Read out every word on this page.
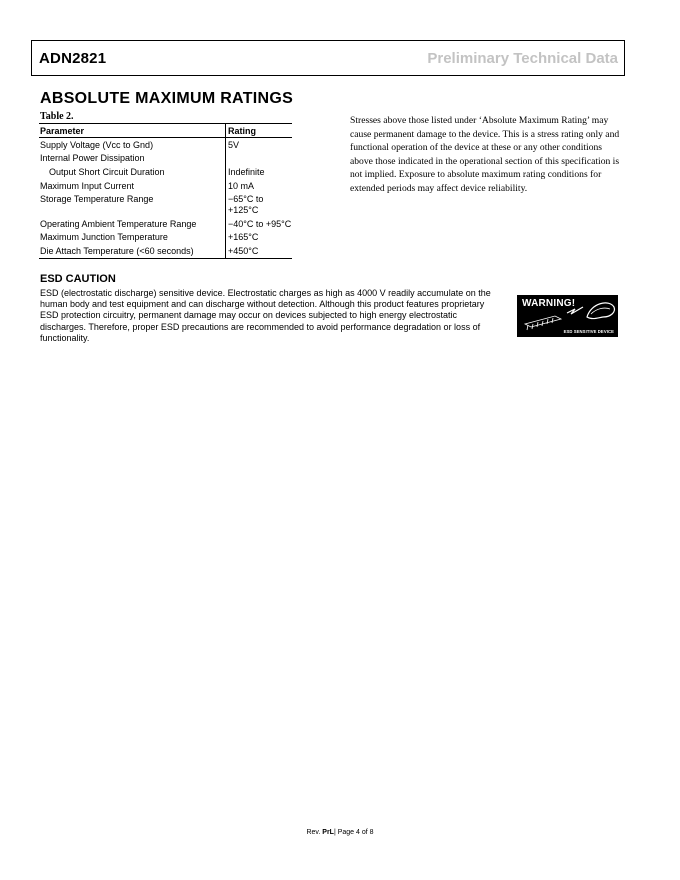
ADN2821	Preliminary Technical Data
ABSOLUTE MAXIMUM RATINGS
Table 2.
Parameter	Rating
Supply Voltage (Vcc to Gnd)	5V
Internal Power Dissipation	
Output Short Circuit Duration	Indefinite
Maximum Input Current	10 mA
Storage Temperature Range	−65°C to +125°C
Operating Ambient Temperature Range	−40°C to +95°C
Maximum Junction Temperature	+165°C
Die Attach Temperature (<60 seconds)	+450°C
Stresses above those listed under ‘Absolute Maximum Rating’ may cause permanent damage to the device. This is a stress rating only and functional operation of the device at these or any other conditions above those indicated in the operational section of this specification is not implied. Exposure to absolute maximum rating conditions for extended periods may affect device reliability.
ESD CAUTION
ESD (electrostatic discharge) sensitive device. Electrostatic charges as high as 4000 V readily accumulate on the human body and test equipment and can discharge without detection. Although this product features proprietary ESD protection circuitry, permanent damage may occur on devices subjected to high energy electrostatic discharges. Therefore, proper ESD precautions are recommended to avoid performance degradation or loss of functionality.
WARNING!
ESD SENSITIVE DEVICE
Rev. PrL| Page 4 of 8
